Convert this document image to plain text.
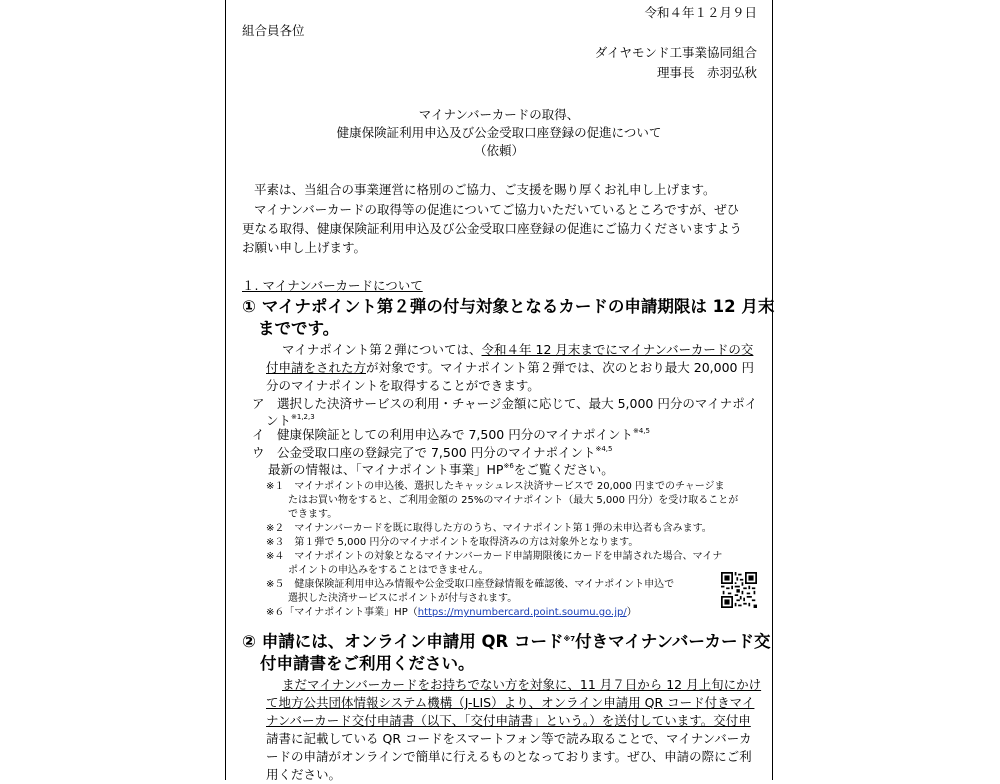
令和４年１２月９日
組合員各位
ダイヤモンド工事業協同組合
理事長　赤羽弘秋
マイナンバーカードの取得、
健康保険証利用申込及び公金受取口座登録の促進について
（依頼）
平素は、当組合の事業運営に格別のご協力、ご支援を賜り厚くお礼申し上げます。
マイナンバーカードの取得等の促進についてご協力いただいているところですが、ぜひ
更なる取得、健康保険証利用申込及び公金受取口座登録の促進にご協力くださいますよう
お願い申し上げます。
１. マイナンバーカードについて
① マイナポイント第２弾の付与対象となるカードの申請期限は 12 月末
までです。
マイナポイント第２弾については、令和４年 12 月末までにマイナンバーカードの交
付申請をされた方が対象です。マイナポイント第２弾では、次のとおり最大 20,000 円
分のマイナポイントを取得することができます。
ア　選択した決済サービスの利用・チャージ金額に応じて、最大 5,000 円分のマイナポイ
ント$^{※1,2,3}$
イ　健康保険証としての利用申込みで 7,500 円分のマイナポイント$^{※4,5}$
ウ　公金受取口座の登録完了で 7,500 円分のマイナポイント$^{※4,5}$
最新の情報は、「マイナポイント事業」HP$^{※6}$をご覧ください。
※１　マイナポイントの申込後、選択したキャッシュレス決済サービスで 20,000 円までのチャージま
たはお買い物をすると、ご利用金額の 25%のマイナポイント（最大 5,000 円分）を受け取ることが
できます。
※２　マイナンバーカードを既に取得した方のうち、マイナポイント第１弾の未申込者も含みます。
※３　第１弾で 5,000 円分のマイナポイントを取得済みの方は対象外となります。
※４　マイナポイントの対象となるマイナンバーカード申請期限後にカードを申請された場合、マイナ
ポイントの申込みをすることはできません。
※５　健康保険証利用申込み情報や公金受取口座登録情報を確認後、マイナポイント申込で
選択した決済サービスにポイントが付与されます。
※６「マイナポイント事業」HP（https://mynumbercard.point.soumu.go.jp/）
② 申請には、オンライン申請用 QR コード$^{※7}$付きマイナンバーカード交
付申請書をご利用ください。
まだマイナンバーカードをお持ちでない方を対象に、11 月７日から 12 月上旬にかけ
て地方公共団体情報システム機構（J-LIS）より、オンライン申請用 QR コード付きマイ
ナンバーカード交付申請書（以下、「交付申請書」という。）を送付しています。交付申
請書に記載している QR コードをスマートフォン等で読み取ることで、マイナンバーカ
ードの申請がオンラインで簡単に行えるものとなっております。ぜひ、申請の際にご利
用ください。
